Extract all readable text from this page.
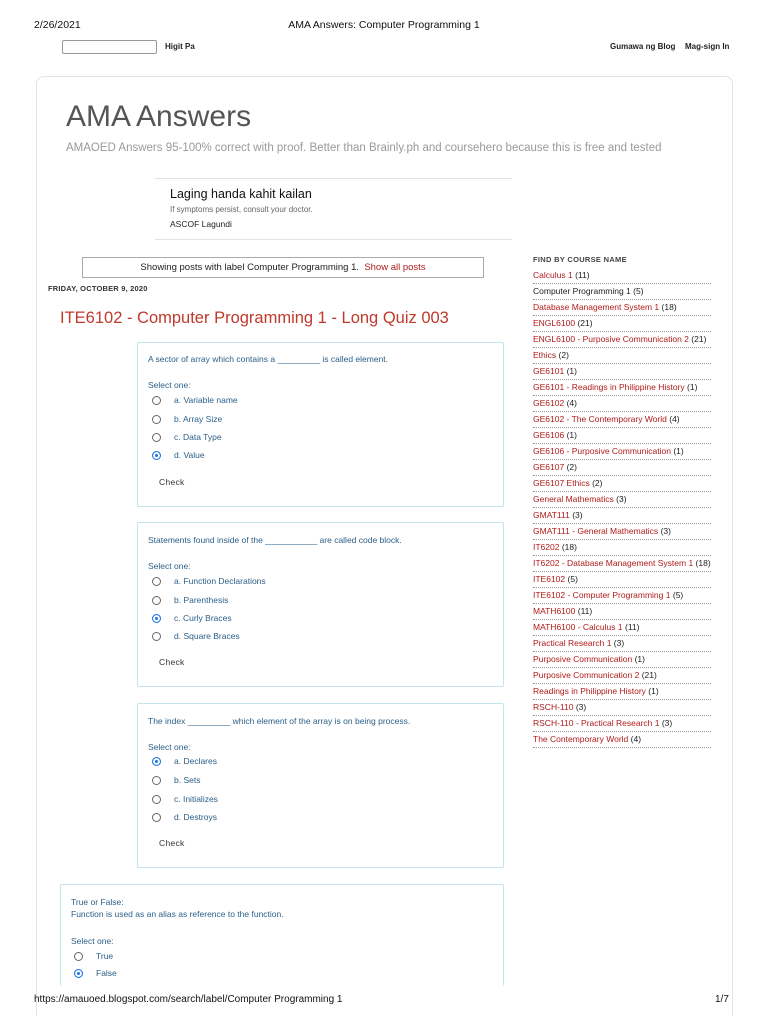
2/26/2021	AMA Answers: Computer Programming 1
Higit Pa	Gumawa ng Blog Mag-sign In
AMA Answers
AMAOED Answers 95-100% correct with proof. Better than Brainly.ph and coursehero because this is free and tested
Laging handa kahit kailan
If symptoms persist, consult your doctor.
ASCOF Lagundi
Showing posts with label Computer Programming 1. Show all posts
FRIDAY, OCTOBER 9, 2020
ITE6102 - Computer Programming 1 - Long Quiz 003
A sector of array which contains a _________ is called element.
Select one:
a. Variable name
b. Array Size
c. Data Type
d. Value
Check
Statements found inside of the ___________ are called code block.
Select one:
a. Function Declarations
b. Parenthesis
c. Curly Braces
d. Square Braces
Check
The index _________ which element of the array is on being process.
Select one:
a. Declares
b. Sets
c. Initializes
d. Destroys
Check
True or False:
Function is used as an alias as reference to the function.
Select one:
True
False
FIND BY COURSE NAME
Calculus 1 (11)
Computer Programming 1 (5)
Database Management System 1 (18)
ENGL6100 (21)
ENGL6100 - Purposive Communication 2 (21)
Ethics (2)
GE6101 (1)
GE6101 - Readings in Philippine History (1)
GE6102 (4)
GE6102 - The Contemporary World (4)
GE6106 (1)
GE6106 - Purposive Communication (1)
GE6107 (2)
GE6107 Ethics (2)
General Mathematics (3)
GMAT111 (3)
GMAT111 - General Mathematics (3)
IT6202 (18)
IT6202 - Database Management System 1 (18)
ITE6102 (5)
ITE6102 - Computer Programming 1 (5)
MATH6100 (11)
MATH6100 - Calculus 1 (11)
Practical Research 1 (3)
Purposive Communication (1)
Purposive Communication 2 (21)
Readings in Philippine History (1)
RSCH-110 (3)
RSCH-110 - Practical Research 1 (3)
The Contemporary World (4)
https://amauoed.blogspot.com/search/label/Computer Programming 1	1/7
